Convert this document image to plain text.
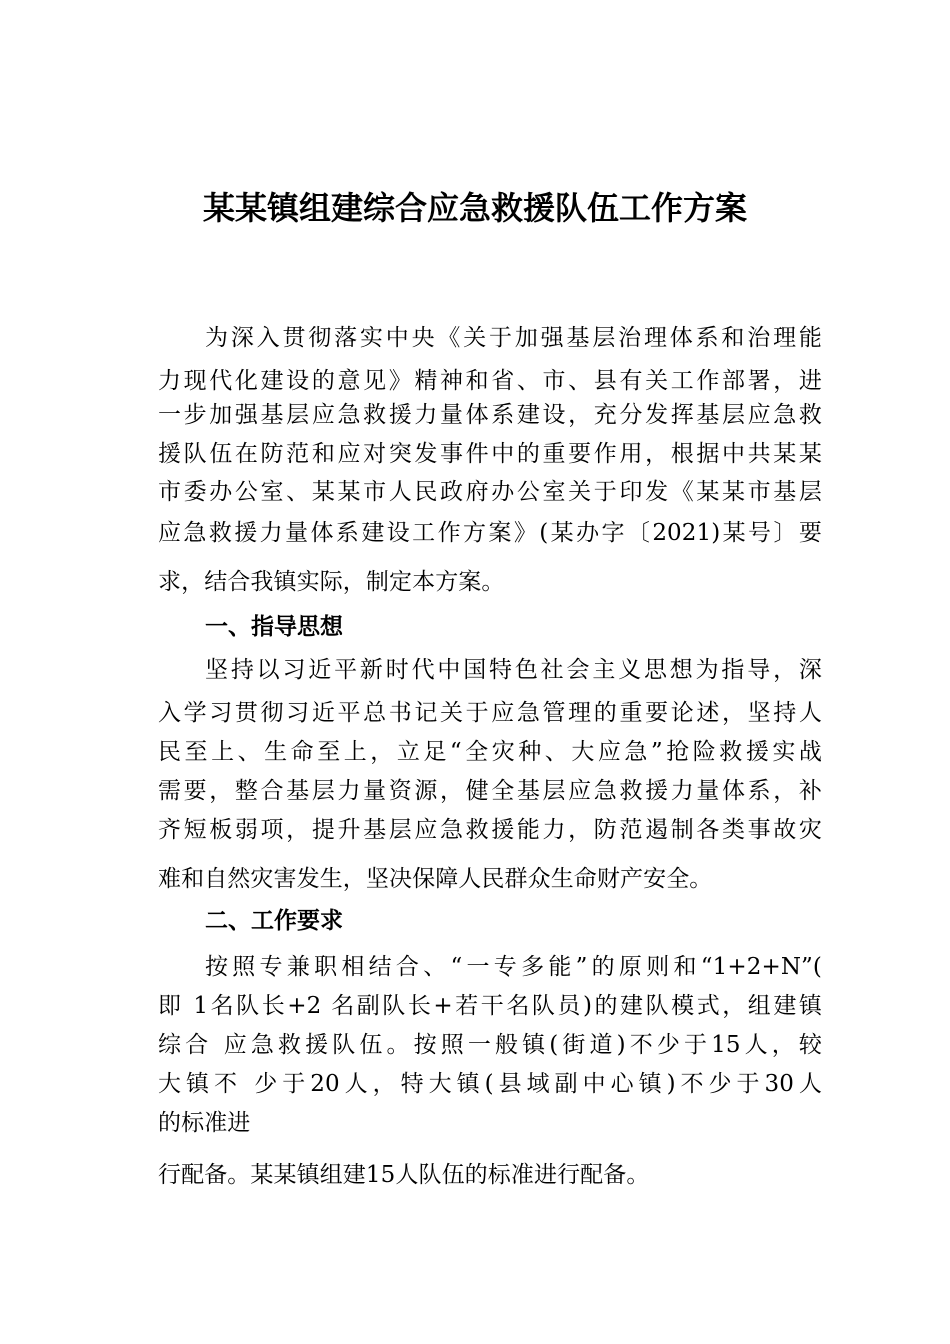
某某镇组建综合应急救援队伍工作方案
为深入贯彻落实中央《关于加强基层治理体系和治理能
力现代化建设的意见》精神和省、市、县有关工作部署，进
一步加强基层应急救援力量体系建设，充分发挥基层应急救
援队伍在防范和应对突发事件中的重要作用，根据中共某某
市委办公室、某某市人民政府办公室关于印发《某某市基层
应急救援力量体系建设工作方案》(某办字〔2021)某号〕要
求，结合我镇实际，制定本方案。
一、指导思想
坚持以习近平新时代中国特色社会主义思想为指导，深
入学习贯彻习近平总书记关于应急管理的重要论述，坚持人
民至上、生命至上，立足“全灾种、大应急”抢险救援实战
需要，整合基层力量资源，健全基层应急救援力量体系，补
齐短板弱项，提升基层应急救援能力，防范遏制各类事故灾
难和自然灾害发生，坚决保障人民群众生命财产安全。
二、工作要求
按照专兼职相结合、“一专多能”的原则和“1+2+N”(
即 1名队长+2 名副队长+若干名队员)的建队模式，组建镇
综合 应急救援队伍。按照一般镇(街道)不少于15人，较
大镇不 少于20人，特大镇(县域副中心镇)不少于30人
的标准进
行配备。某某镇组建15人队伍的标准进行配备。
